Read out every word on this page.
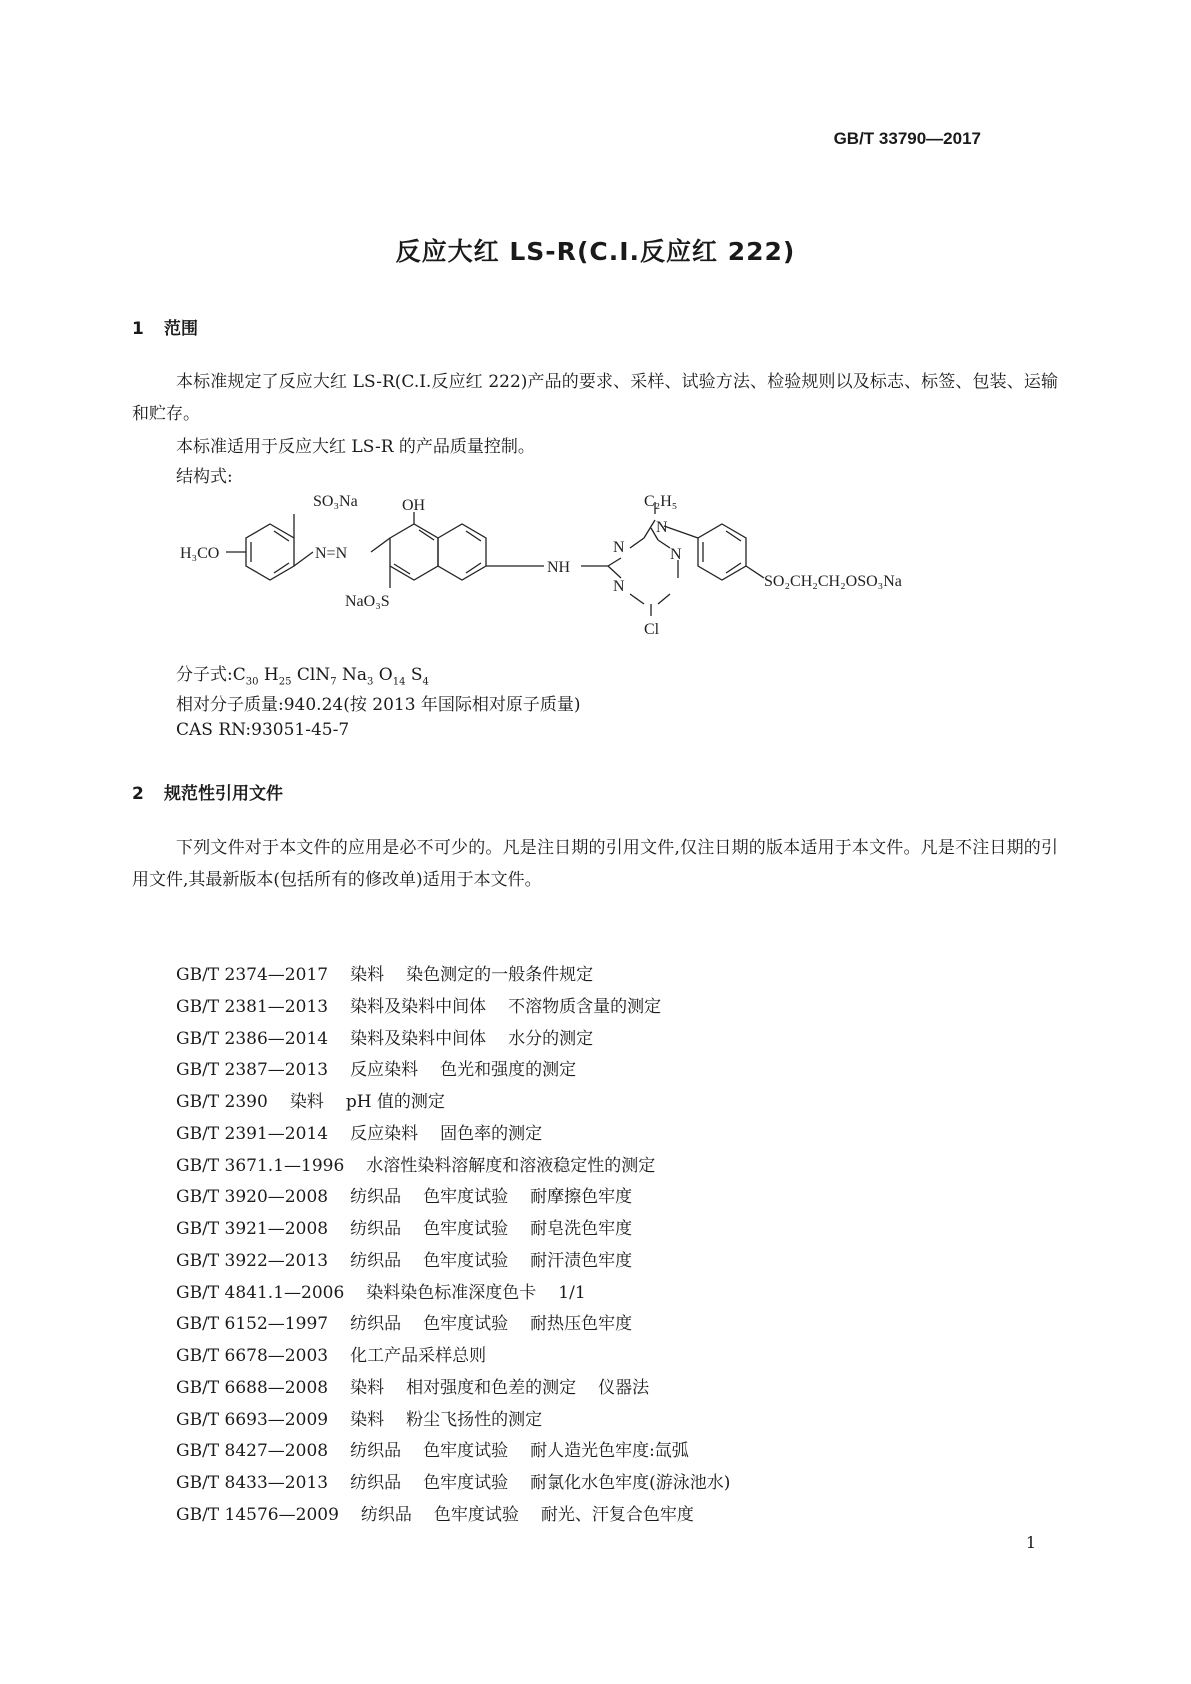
GB/T 33790—2017
反应大红 LS-R(C.I.反应红 222)
1 范围
本标准规定了反应大红 LS-R(C.I.反应红 222)产品的要求、采样、试验方法、检验规则以及标志、标签、包装、运输和贮存。
本标准适用于反应大红 LS-R 的产品质量控制。
结构式:
H₃CO
SO₃Na
N=N
OH
NaO₃S
NH
C₂H₅
N
N	N
N
Cl
SO₂CH₂CH₂OSO₃Na
分子式$:C_{30}$ $H_{25}$ ClN$_7$ $Na_3$ $O_{14}$ $S_4$
相对分子质量:940.24(按 2013 年国际相对原子质量)
CAS RN:93051-45-7
2 规范性引用文件
下列文件对于本文件的应用是必不可少的。凡是注日期的引用文件,仅注日期的版本适用于本文件。凡是不注日期的引用文件,其最新版本(包括所有的修改单)适用于本文件。
GB/T 2374—2017 染料 染色测定的一般条件规定
GB/T 2381—2013 染料及染料中间体 不溶物质含量的测定
GB/T 2386—2014 染料及染料中间体 水分的测定
GB/T 2387—2013 反应染料 色光和强度的测定
GB/T 2390 染料 pH 值的测定
GB/T 2391—2014 反应染料 固色率的测定
GB/T 3671.1—1996 水溶性染料溶解度和溶液稳定性的测定
GB/T 3920—2008 纺织品 色牢度试验 耐摩擦色牢度
GB/T 3921—2008 纺织品 色牢度试验 耐皂洗色牢度
GB/T 3922—2013 纺织品 色牢度试验 耐汗渍色牢度
GB/T 4841.1—2006 染料染色标准深度色卡 1/1
GB/T 6152—1997 纺织品 色牢度试验 耐热压色牢度
GB/T 6678—2003 化工产品采样总则
GB/T 6688—2008 染料 相对强度和色差的测定 仪器法
GB/T 6693—2009 染料 粉尘飞扬性的测定
GB/T 8427—2008 纺织品 色牢度试验 耐人造光色牢度:氙弧
GB/T 8433—2013 纺织品 色牢度试验 耐氯化水色牢度(游泳池水)
GB/T 14576—2009 纺织品 色牢度试验 耐光、汗复合色牢度
1
